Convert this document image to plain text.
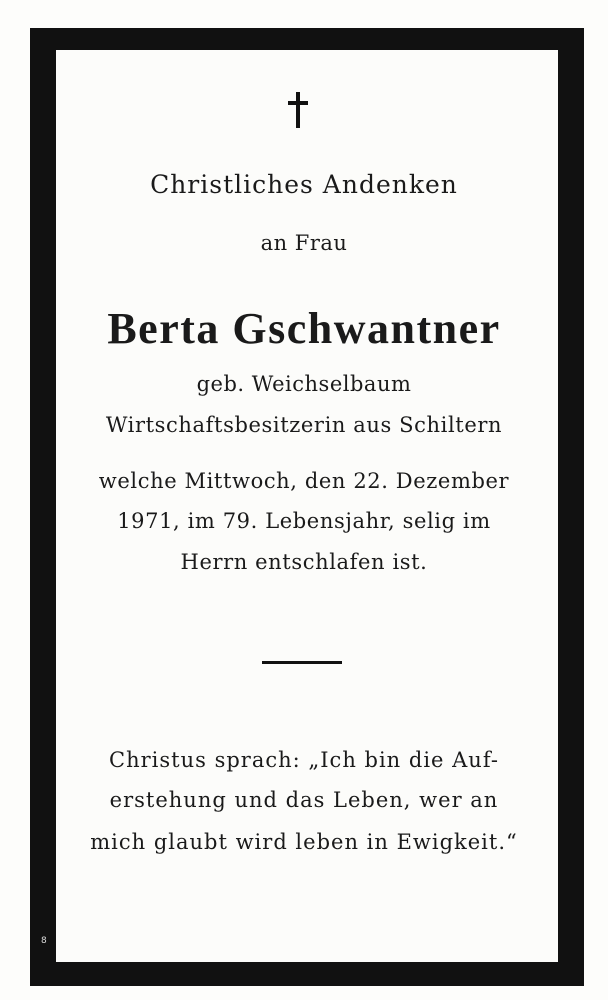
Christliches Andenken
an Frau
Berta Gschwantner
geb. Weichselbaum
Wirtschaftsbesitzerin aus Schiltern
welche Mittwoch, den 22. Dezember
1971, im 79. Lebensjahr, selig im
Herrn entschlafen ist.
Christus sprach: „Ich bin die Auf-
erstehung und das Leben, wer an
mich glaubt wird leben in Ewigkeit.“
8
